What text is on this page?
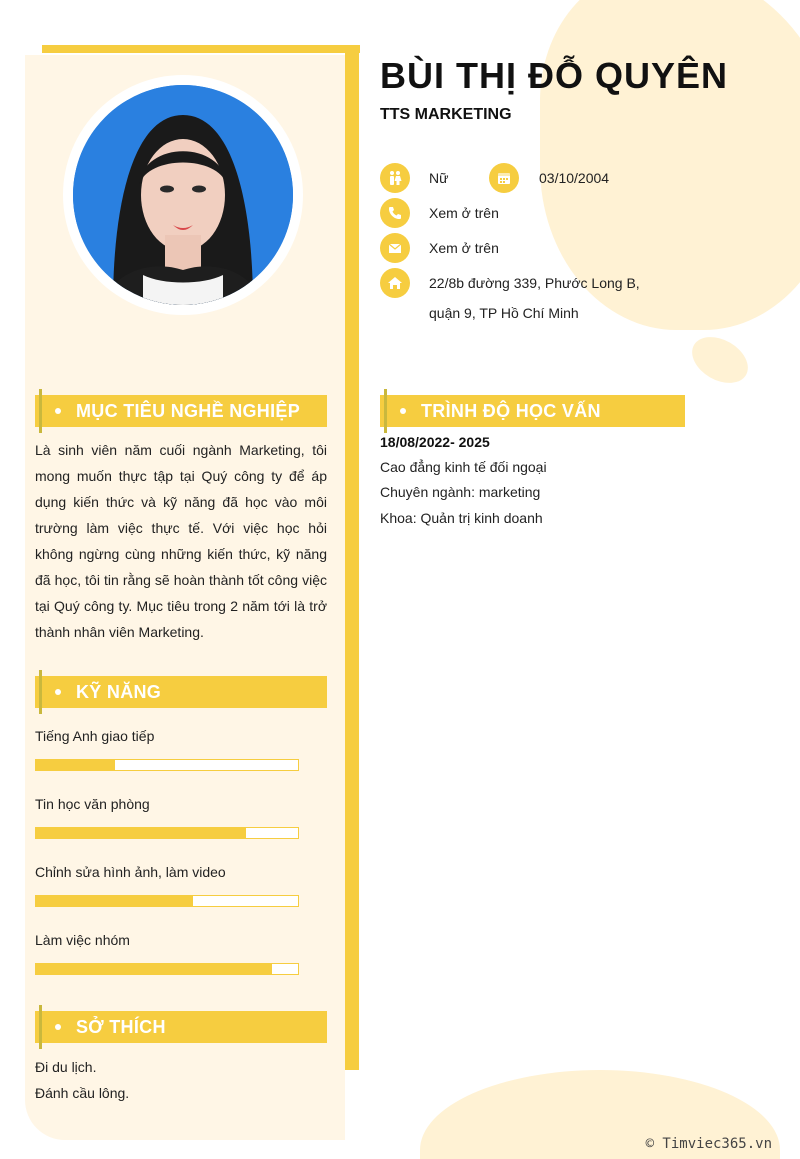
BÙI THỊ ĐỖ QUYÊN
TTS MARKETING
Nữ	03/10/2004
Xem ở trên
Xem ở trên
22/8b đường 339, Phước Long B,
quận 9, TP Hồ Chí Minh
MỤC TIÊU NGHỀ NGHIỆP
Là sinh viên năm cuối ngành Marketing, tôi mong muốn thực tập tại Quý công ty để áp dụng kiến thức và kỹ năng đã học vào môi trường làm việc thực tế. Với việc học hỏi không ngừng cùng những kiến thức, kỹ năng đã học, tôi tin rằng sẽ hoàn thành tốt công việc tại Quý công ty. Mục tiêu trong 2 năm tới là trở thành nhân viên Marketing.
KỸ NĂNG
Tiếng Anh giao tiếp
Tin học văn phòng
Chỉnh sửa hình ảnh, làm video
Làm việc nhóm
SỞ THÍCH
Đi du lịch.
Đánh cầu lông.
TRÌNH ĐỘ HỌC VẤN
18/08/2022- 2025
Cao đẳng kinh tế đối ngoại
Chuyên ngành: marketing
Khoa: Quản trị kinh doanh
© Timviec365.vn
